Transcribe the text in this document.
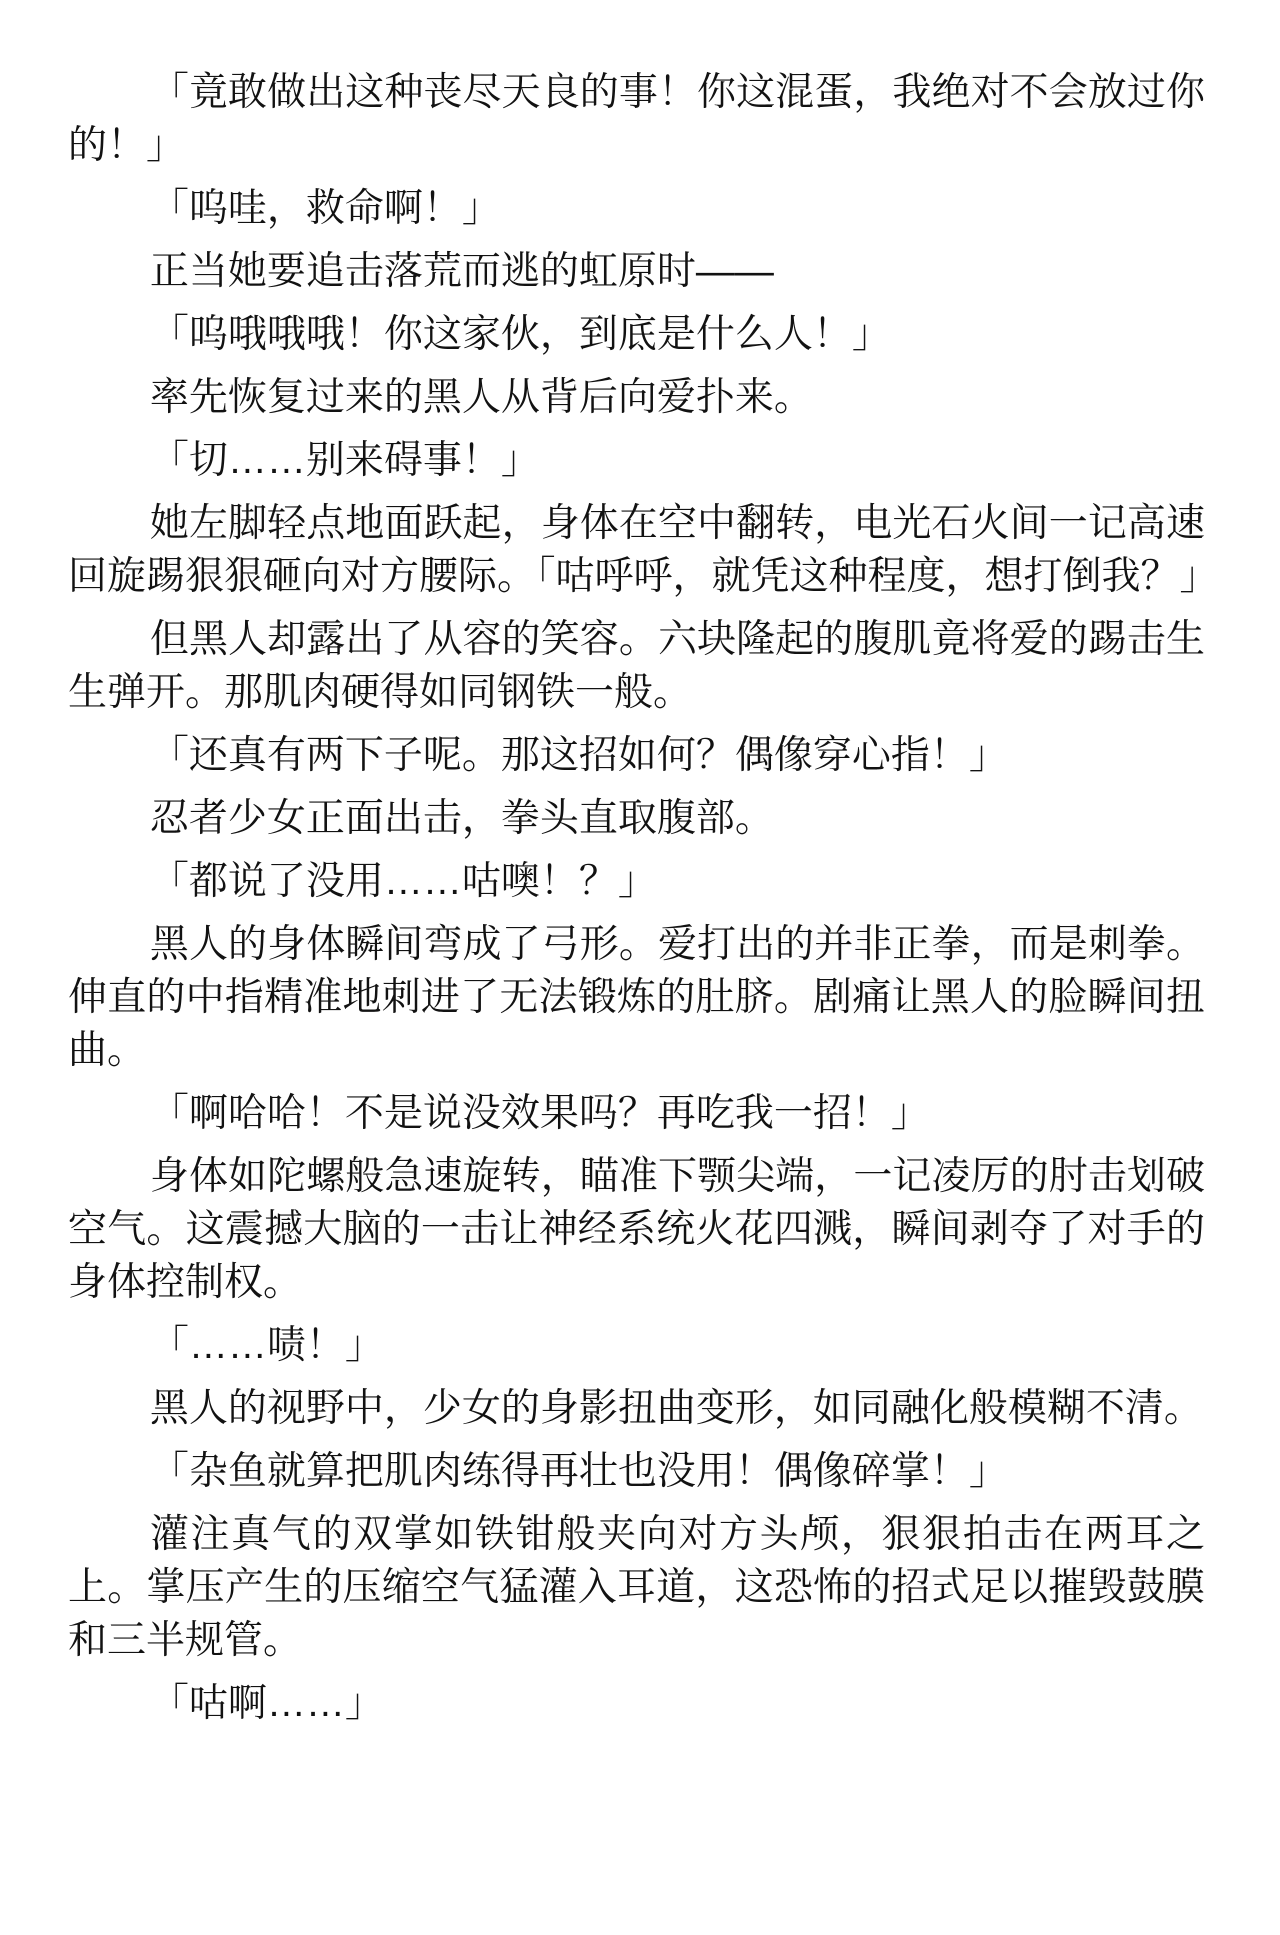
「竟敢做出这种丧尽天良的事！你这混蛋，我绝对不会放过你的！」

「呜哇，救命啊！」

正当她要追击落荒而逃的虹原时——

「呜哦哦哦！你这家伙，到底是什么人！」

率先恢复过来的黑人从背后向爱扑来。

「切……别来碍事！」

她左脚轻点地面跃起，身体在空中翻转，电光石火间一记高速回旋踢狠狠砸向对方腰际。「咕呼呼，就凭这种程度，想打倒我？」

但黑人却露出了从容的笑容。六块隆起的腹肌竟将爱的踢击生生弹开。那肌肉硬得如同钢铁一般。

「还真有两下子呢。那这招如何？偶像穿心指！」

忍者少女正面出击，拳头直取腹部。

「都说了没用……咕噢！？」

黑人的身体瞬间弯成了弓形。爱打出的并非正拳，而是刺拳。伸直的中指精准地刺进了无法锻炼的肚脐。剧痛让黑人的脸瞬间扭曲。

「啊哈哈！不是说没效果吗？再吃我一招！」

身体如陀螺般急速旋转，瞄准下颚尖端，一记凌厉的肘击划破空气。这震撼大脑的一击让神经系统火花四溅，瞬间剥夺了对手的身体控制权。

「……啧！」

黑人的视野中，少女的身影扭曲变形，如同融化般模糊不清。

「杂鱼就算把肌肉练得再壮也没用！偶像碎掌！」

灌注真气的双掌如铁钳般夹向对方头颅，狠狠拍击在两耳之上。掌压产生的压缩空气猛灌入耳道，这恐怖的招式足以摧毁鼓膜和三半规管。

「咕啊……」
